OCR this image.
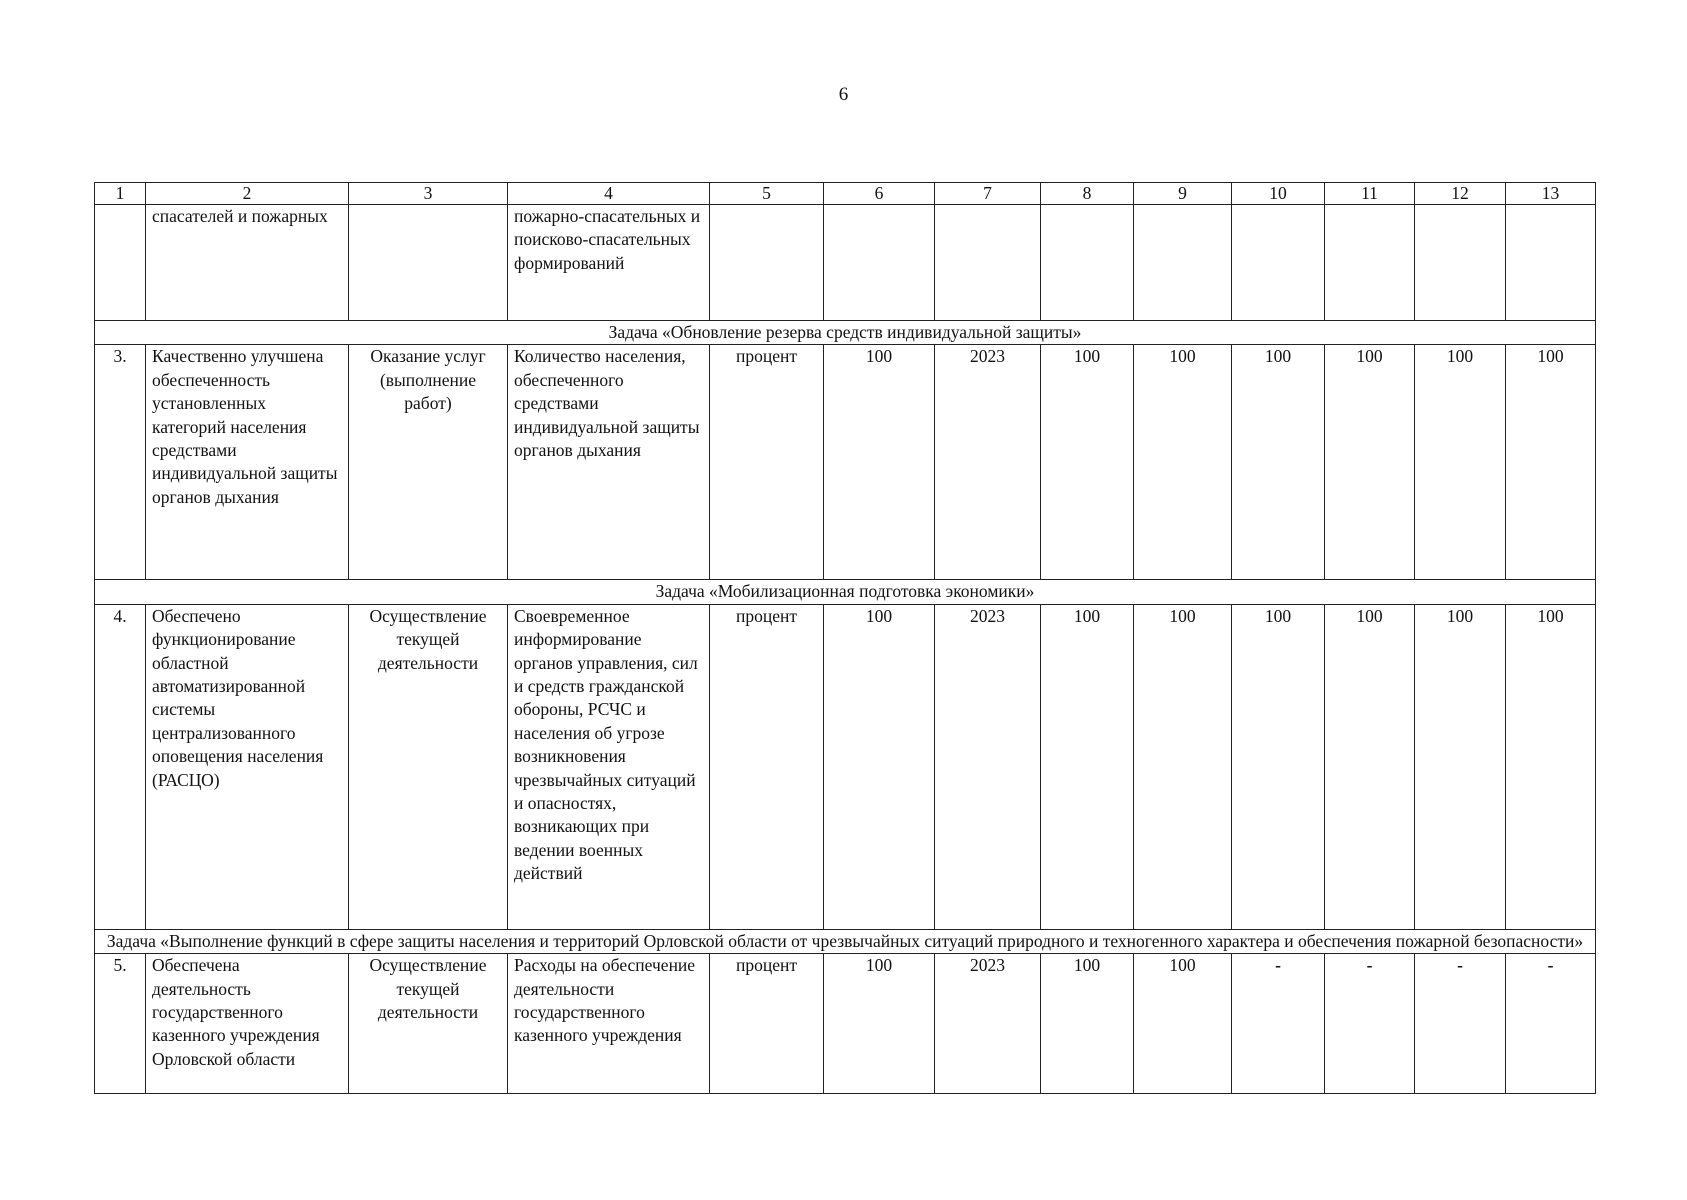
6
1	2	3	4	5	6	7	8	9	10	11	12	13
	спасателей и пожарных		пожарно-спасательных и поисково-спасательных формирований									
Задача «Обновление резерва средств индивидуальной защиты»												
3.	Качественно улучшена обеспеченность установленных категорий населения средствами индивидуальной защиты органов дыхания	Оказание услуг (выполнение работ)	Количество населения, обеспеченного средствами индивидуальной защиты органов дыхания	процент	100	2023	100	100	100	100	100	100
Задача «Мобилизационная подготовка экономики»												
4.	Обеспечено функционирование областной автоматизированной системы централизованного оповещения населения (РАСЦО)	Осуществление текущей деятельности	Своевременное информирование органов управления, сил и средств гражданской обороны, РСЧС и населения об угрозе возникновения чрезвычайных ситуаций и опасностях, возникающих при ведении военных действий	процент	100	2023	100	100	100	100	100	100
Задача «Выполнение функций в сфере защиты населения и территорий Орловской области от чрезвычайных ситуаций природного и техногенного характера и обеспечения пожарной безопасности»												
5.	Обеспечена деятельность государственного казенного учреждения Орловской области	Осуществление текущей деятельности	Расходы на обеспечение деятельности государственного казенного учреждения	процент	100	2023	100	100	-	-	-	-
